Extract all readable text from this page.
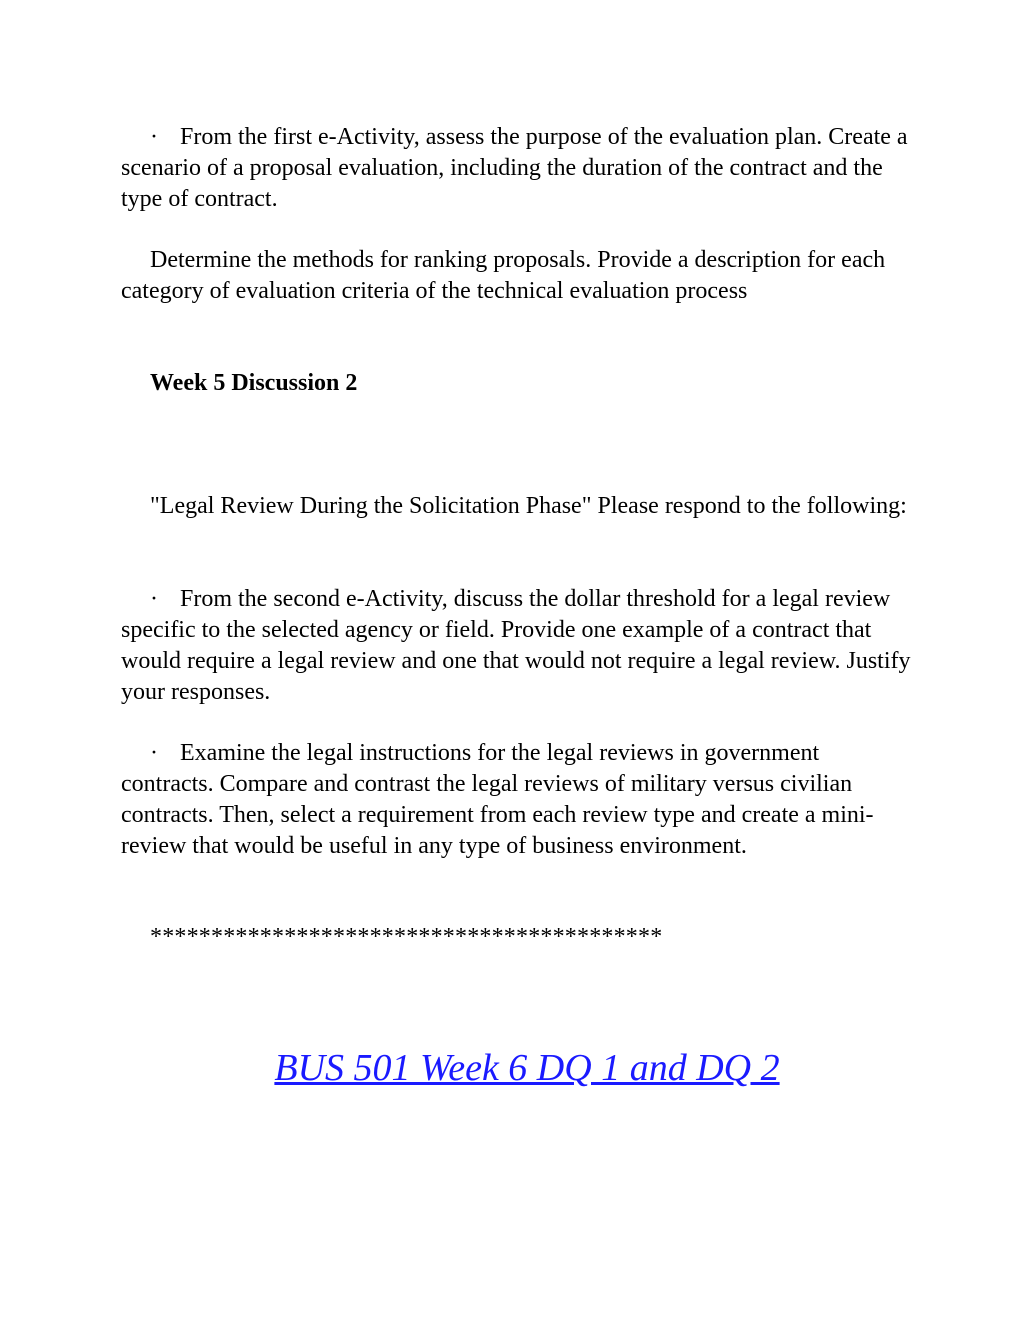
· From the first e-Activity, assess the purpose of the evaluation plan. Create a scenario of a proposal evaluation, including the duration of the contract and the type of contract.

Determine the methods for ranking proposals. Provide a description for each category of evaluation criteria of the technical evaluation process

Week 5 Discussion 2

"Legal Review During the Solicitation Phase" Please respond to the following:

· From the second e-Activity, discuss the dollar threshold for a legal review specific to the selected agency or field. Provide one example of a contract that would require a legal review and one that would not require a legal review. Justify your responses.

· Examine the legal instructions for the legal reviews in government contracts. Compare and contrast the legal reviews of military versus civilian contracts. Then, select a requirement from each review type and create a mini-review that would be useful in any type of business environment.

******************************************

BUS 501 Week 6 DQ 1 and DQ 2
